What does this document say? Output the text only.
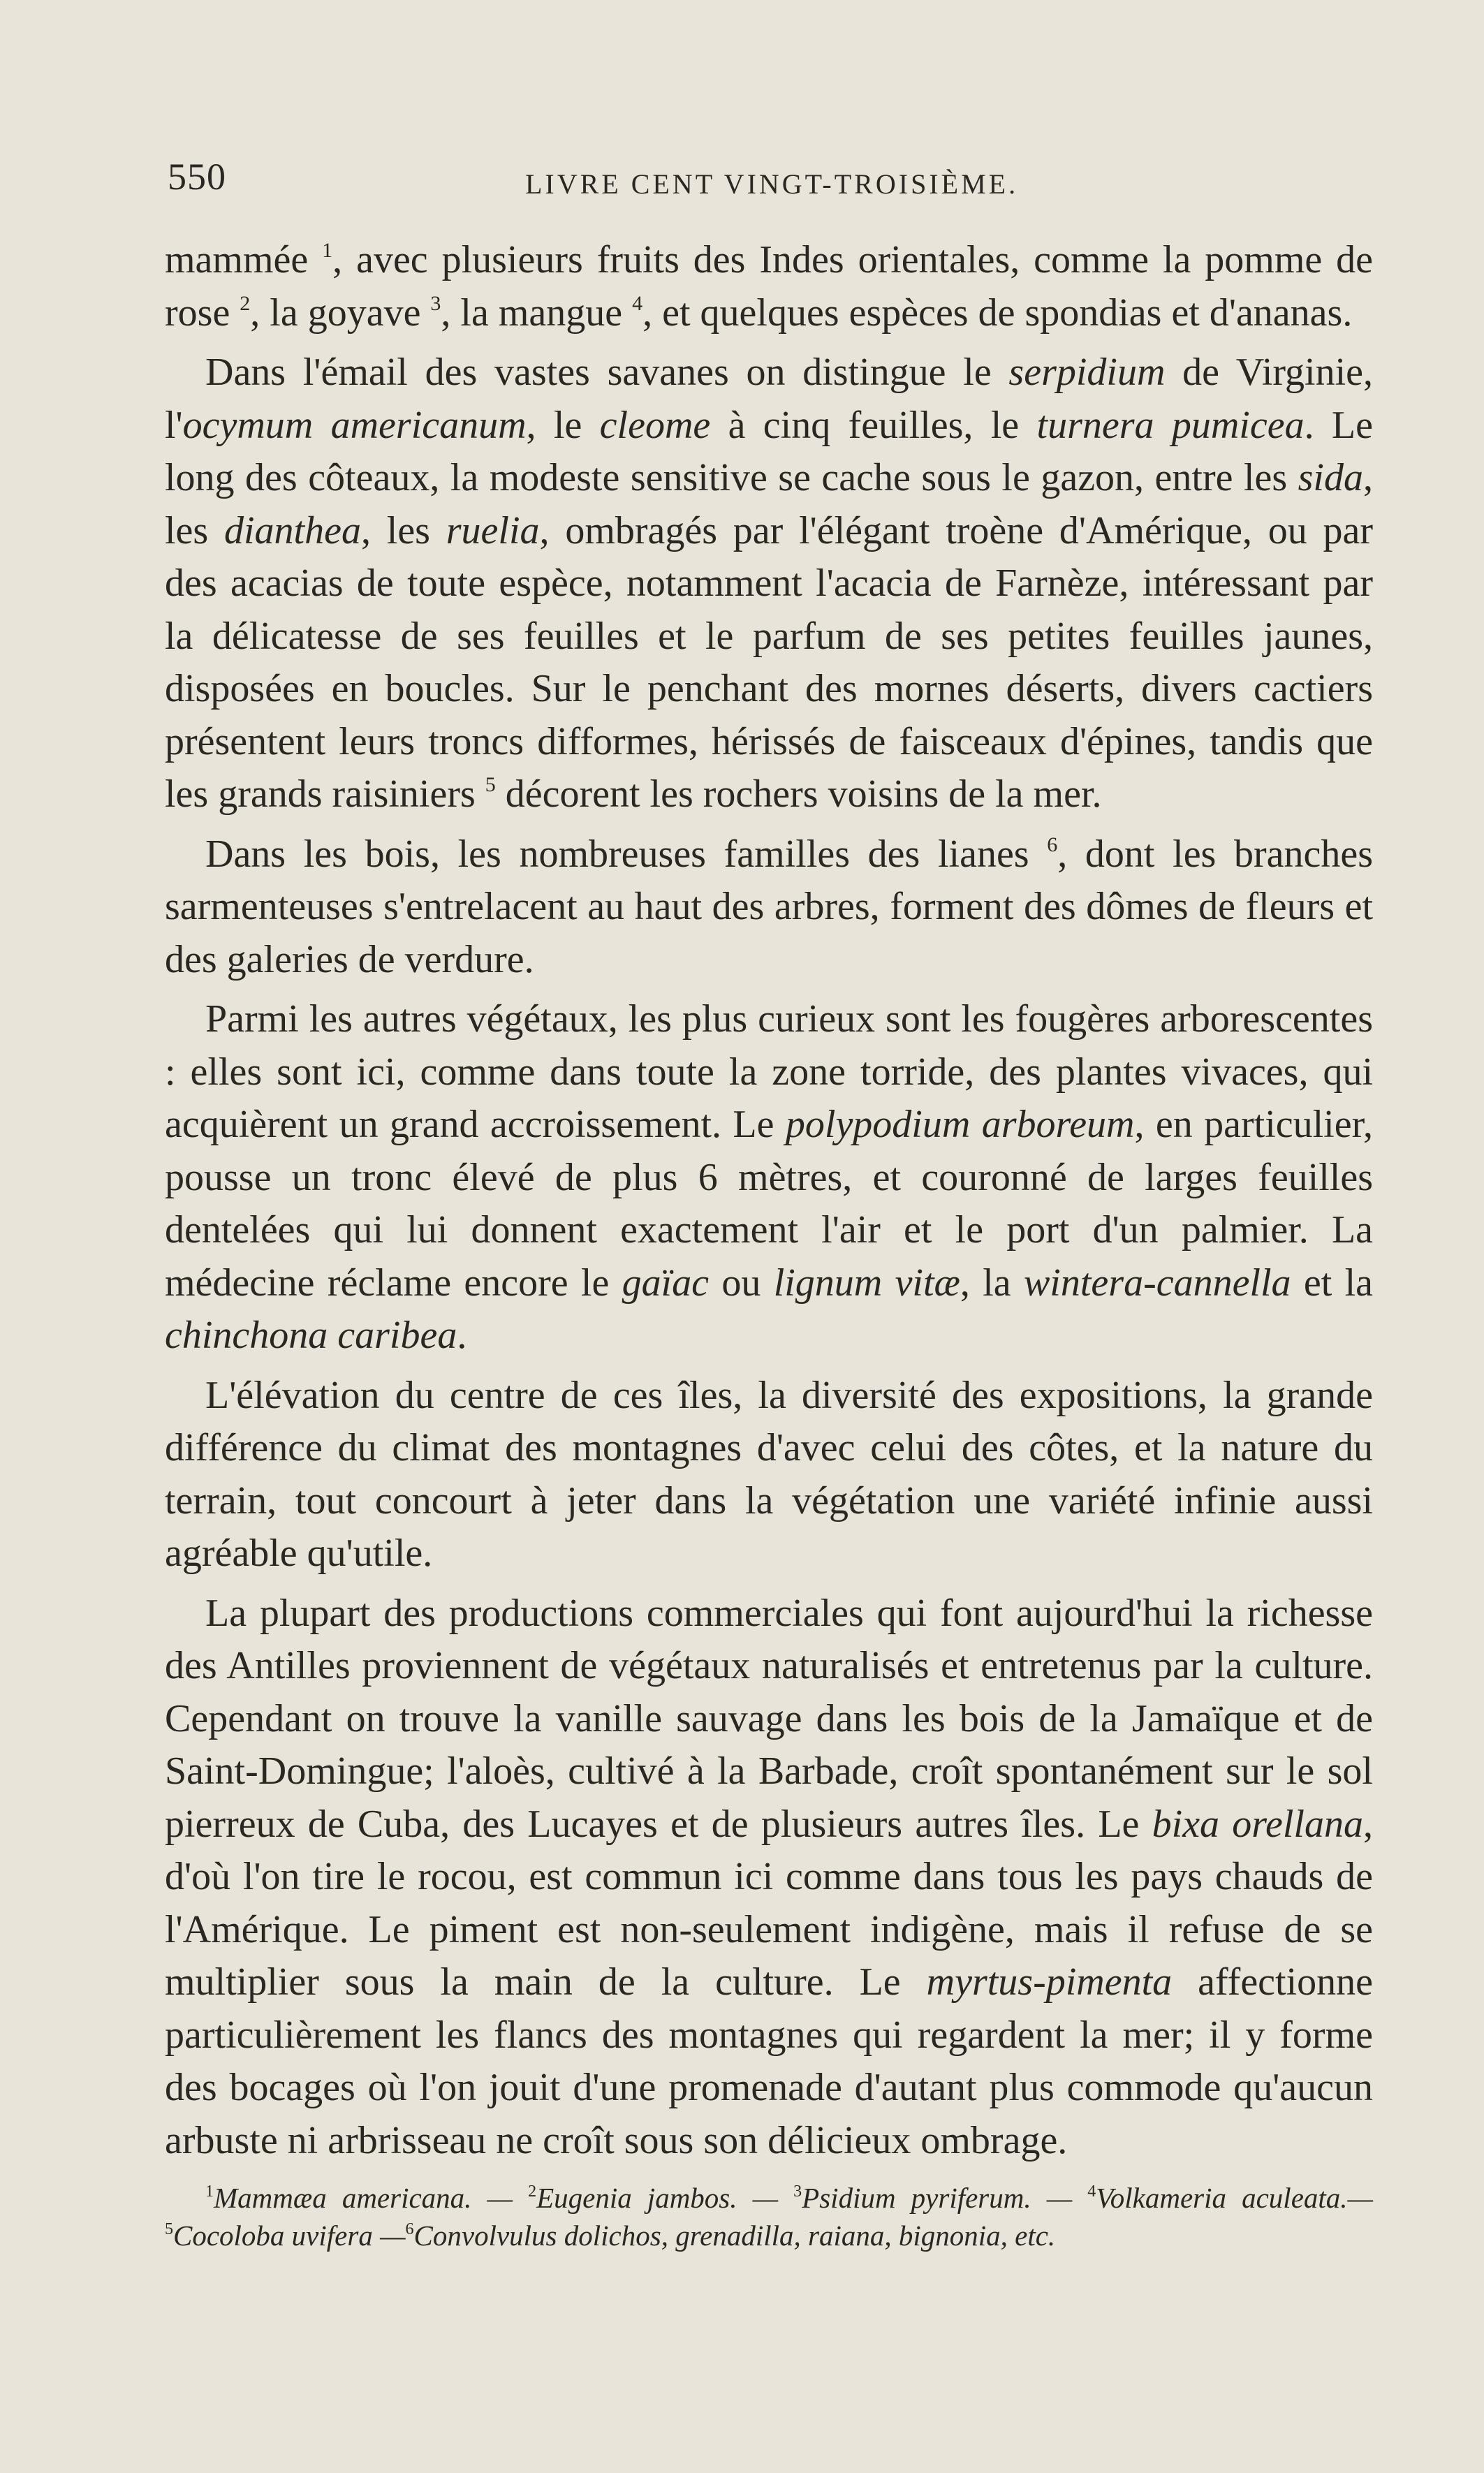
550	LIVRE CENT VINGT-TROISIÈME.

mammée $^1$, avec plusieurs fruits des Indes orientales, comme la pomme de rose $^2$, la goyave $^3$, la mangue $^4$, et quelques espèces de spondias et d'ananas.

Dans l'émail des vastes savanes on distingue le serpidium de Virginie, l'ocymum americanum, le cleome à cinq feuilles, le turnera pumicea. Le long des côteaux, la modeste sensitive se cache sous le gazon, entre les sida, les dianthea, les ruelia, ombragés par l'élégant troène d'Amérique, ou par des acacias de toute espèce, notamment l'acacia de Farnèze, intéressant par la délicatesse de ses feuilles et le parfum de ses petites feuilles jaunes, disposées en boucles. Sur le penchant des mornes déserts, divers cactiers présentent leurs troncs difformes, hérissés de faisceaux d'épines, tandis que les grands raisiniers $^5$ décorent les rochers voisins de la mer.

Dans les bois, les nombreuses familles des lianes $^6$, dont les branches sarmenteuses s'entrelacent au haut des arbres, forment des dômes de fleurs et des galeries de verdure.

Parmi les autres végétaux, les plus curieux sont les fougères arborescentes : elles sont ici, comme dans toute la zone torride, des plantes vivaces, qui acquièrent un grand accroissement. Le polypodium arboreum, en particulier, pousse un tronc élevé de plus 6 mètres, et couronné de larges feuilles dentelées qui lui donnent exactement l'air et le port d'un palmier. La médecine réclame encore le gaïac ou lignum vitæ, la wintera-cannella et la chinchona caribea.

L'élévation du centre de ces îles, la diversité des expositions, la grande différence du climat des montagnes d'avec celui des côtes, et la nature du terrain, tout concourt à jeter dans la végétation une variété infinie aussi agréable qu'utile.

La plupart des productions commerciales qui font aujourd'hui la richesse des Antilles proviennent de végétaux naturalisés et entretenus par la culture. Cependant on trouve la vanille sauvage dans les bois de la Jamaïque et de Saint-Domingue; l'aloès, cultivé à la Barbade, croît spontanément sur le sol pierreux de Cuba, des Lucayes et de plusieurs autres îles. Le bixa orellana, d'où l'on tire le rocou, est commun ici comme dans tous les pays chauds de l'Amérique. Le piment est non-seulement indigène, mais il refuse de se multiplier sous la main de la culture. Le myrtus-pimenta affectionne particulièrement les flancs des montagnes qui regardent la mer; il y forme des bocages où l'on jouit d'une promenade d'autant plus commode qu'aucun arbuste ni arbrisseau ne croît sous son délicieux ombrage.

$^1$Mammæa americana. — $^2$Eugenia jambos. — $^3$Psidium pyriferum. — $^4$Volkameria aculeata.— $^5$Cocoloba uvifera —$^6$Convolvulus dolichos, grenadilla, raiana, bignonia, etc.
